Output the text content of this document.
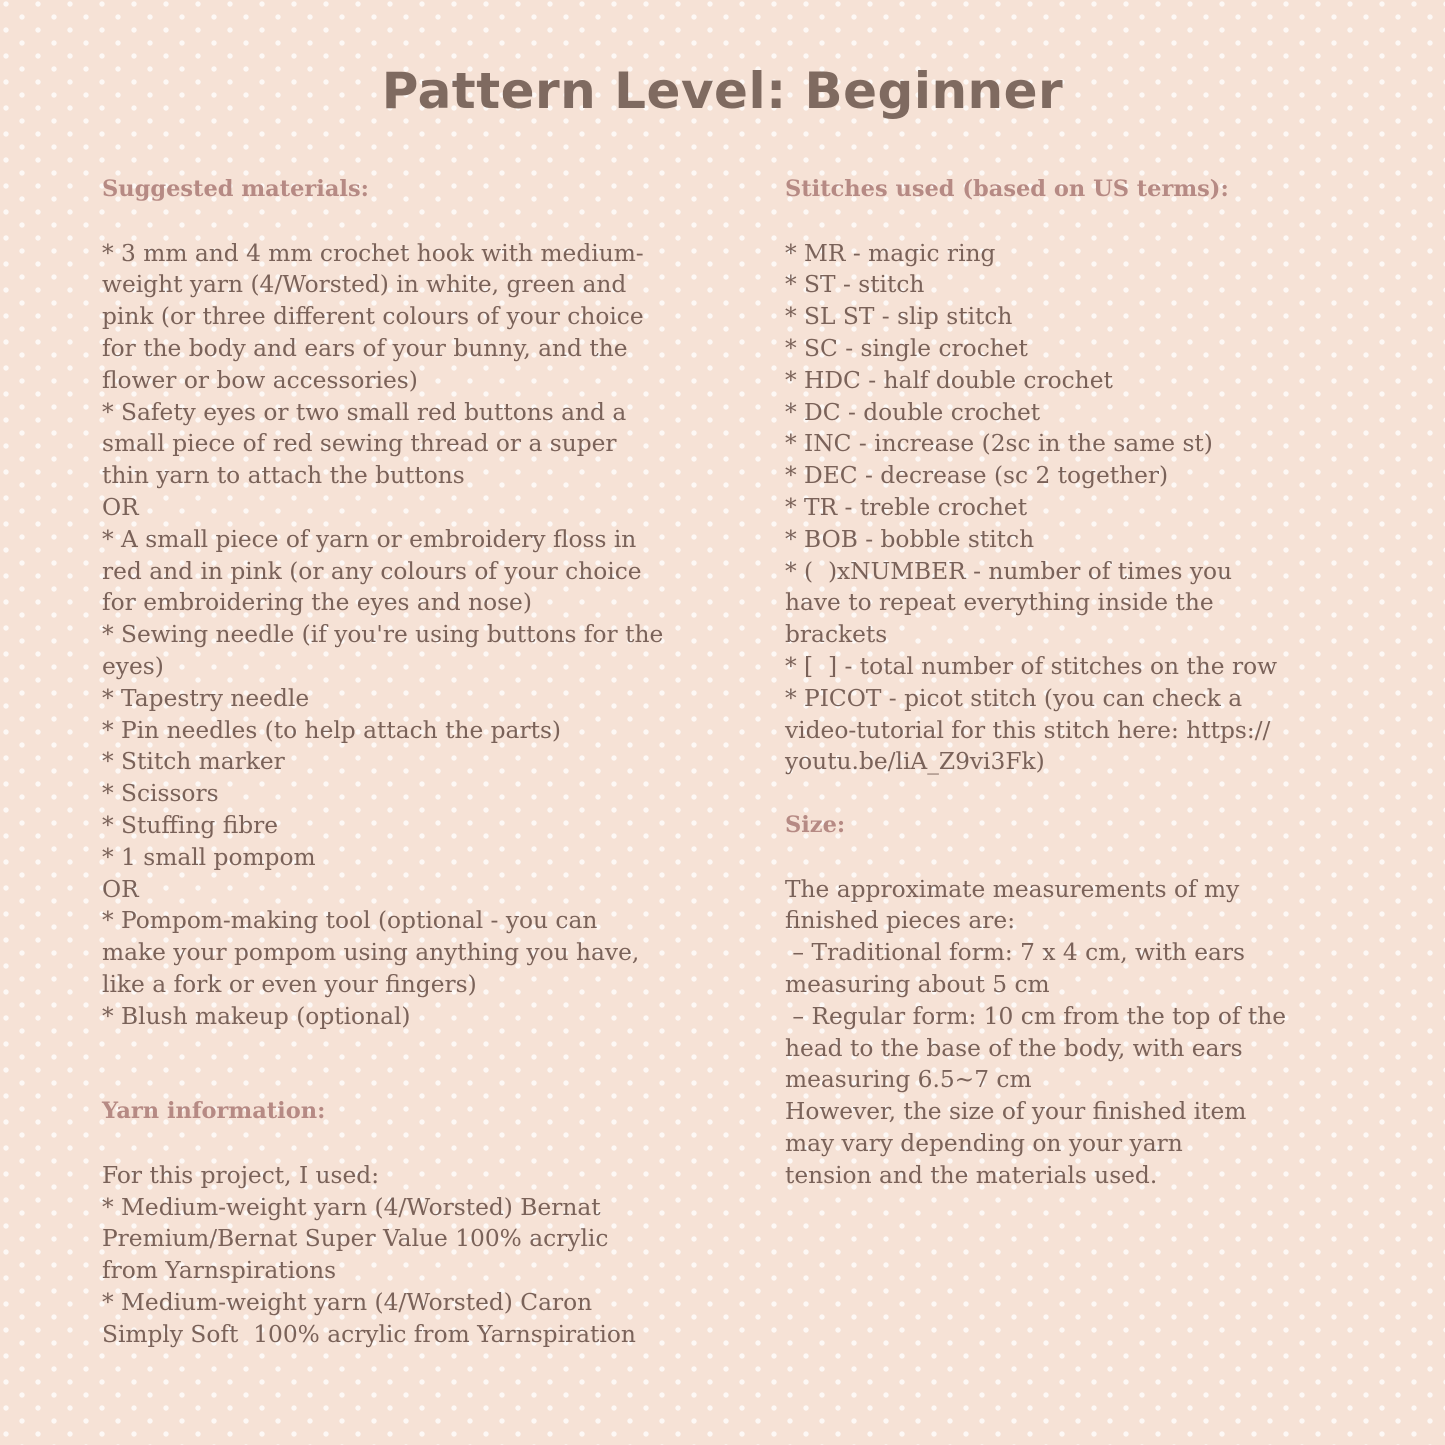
Pattern Level: Beginner

Suggested materials:

* 3 mm and 4 mm crochet hook with medium-
weight yarn (4/Worsted) in white, green and
pink (or three different colours of your choice
for the body and ears of your bunny, and the
flower or bow accessories)
* Safety eyes or two small red buttons and a
small piece of red sewing thread or a super
thin yarn to attach the buttons
OR
* A small piece of yarn or embroidery floss in
red and in pink (or any colours of your choice
for embroidering the eyes and nose)
* Sewing needle (if you're using buttons for the
eyes)
* Tapestry needle
* Pin needles (to help attach the parts)
* Stitch marker
* Scissors
* Stuffing fibre
* 1 small pompom
OR
* Pompom-making tool (optional - you can
make your pompom using anything you have,
like a fork or even your fingers)
* Blush makeup (optional)

Yarn information:

For this project, I used:
* Medium-weight yarn (4/Worsted) Bernat
Premium/Bernat Super Value 100% acrylic
from Yarnspirations
* Medium-weight yarn (4/Worsted) Caron
Simply Soft  100% acrylic from Yarnspiration

Stitches used (based on US terms):

* MR - magic ring
* ST - stitch
* SL ST - slip stitch
* SC - single crochet
* HDC - half double crochet
* DC - double crochet
* INC - increase (2sc in the same st)
* DEC - decrease (sc 2 together)
* TR - treble crochet
* BOB - bobble stitch
* (  )xNUMBER - number of times you
have to repeat everything inside the
brackets
* [  ] - total number of stitches on the row
* PICOT - picot stitch (you can check a
video-tutorial for this stitch here: https://
youtu.be/liA_Z9vi3Fk)

Size:

The approximate measurements of my
finished pieces are:
– Traditional form: 7 x 4 cm, with ears
measuring about 5 cm
– Regular form: 10 cm from the top of the
head to the base of the body, with ears
measuring 6.5~7 cm
However, the size of your finished item
may vary depending on your yarn
tension and the materials used.
